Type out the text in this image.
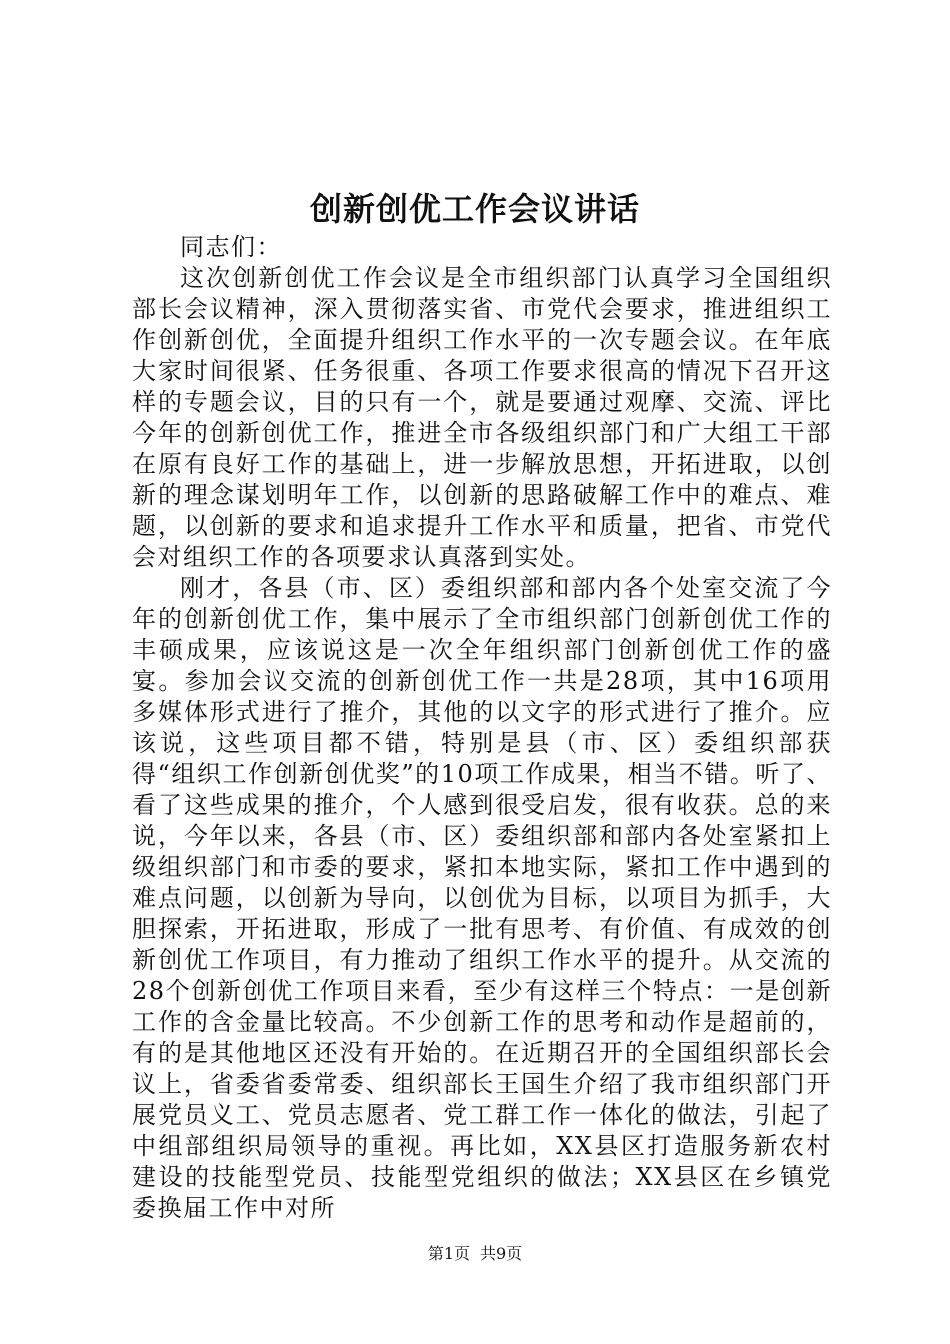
创新创优工作会议讲话

同志们：

这次创新创优工作会议是全市组织部门认真学习全国组织部长会议精神，深入贯彻落实省、市党代会要求，推进组织工作创新创优，全面提升组织工作水平的一次专题会议。在年底大家时间很紧、任务很重、各项工作要求很高的情况下召开这样的专题会议，目的只有一个，就是要通过观摩、交流、评比今年的创新创优工作，推进全市各级组织部门和广大组工干部在原有良好工作的基础上，进一步解放思想，开拓进取，以创新的理念谋划明年工作，以创新的思路破解工作中的难点、难题，以创新的要求和追求提升工作水平和质量，把省、市党代会对组织工作的各项要求认真落到实处。

刚才，各县（市、区）委组织部和部内各个处室交流了今年的创新创优工作，集中展示了全市组织部门创新创优工作的丰硕成果，应该说这是一次全年组织部门创新创优工作的盛宴。参加会议交流的创新创优工作一共是28项，其中16项用多媒体形式进行了推介，其他的以文字的形式进行了推介。应该说，这些项目都不错，特别是县（市、区）委组织部获得“组织工作创新创优奖”的10项工作成果，相当不错。听了、看了这些成果的推介，个人感到很受启发，很有收获。总的来说，今年以来，各县（市、区）委组织部和部内各处室紧扣上级组织部门和市委的要求，紧扣本地实际，紧扣工作中遇到的难点问题，以创新为导向，以创优为目标，以项目为抓手，大胆探索，开拓进取，形成了一批有思考、有价值、有成效的创新创优工作项目，有力推动了组织工作水平的提升。从交流的28个创新创优工作项目来看，至少有这样三个特点：一是创新工作的含金量比较高。不少创新工作的思考和动作是超前的，有的是其他地区还没有开始的。在近期召开的全国组织部长会议上，省委省委常委、组织部长王国生介绍了我市组织部门开展党员义工、党员志愿者、党工群工作一体化的做法，引起了中组部组织局领导的重视。再比如，XX县区打造服务新农村建设的技能型党员、技能型党组织的做法；XX县区在乡镇党委换届工作中对所

第1页 共9页
